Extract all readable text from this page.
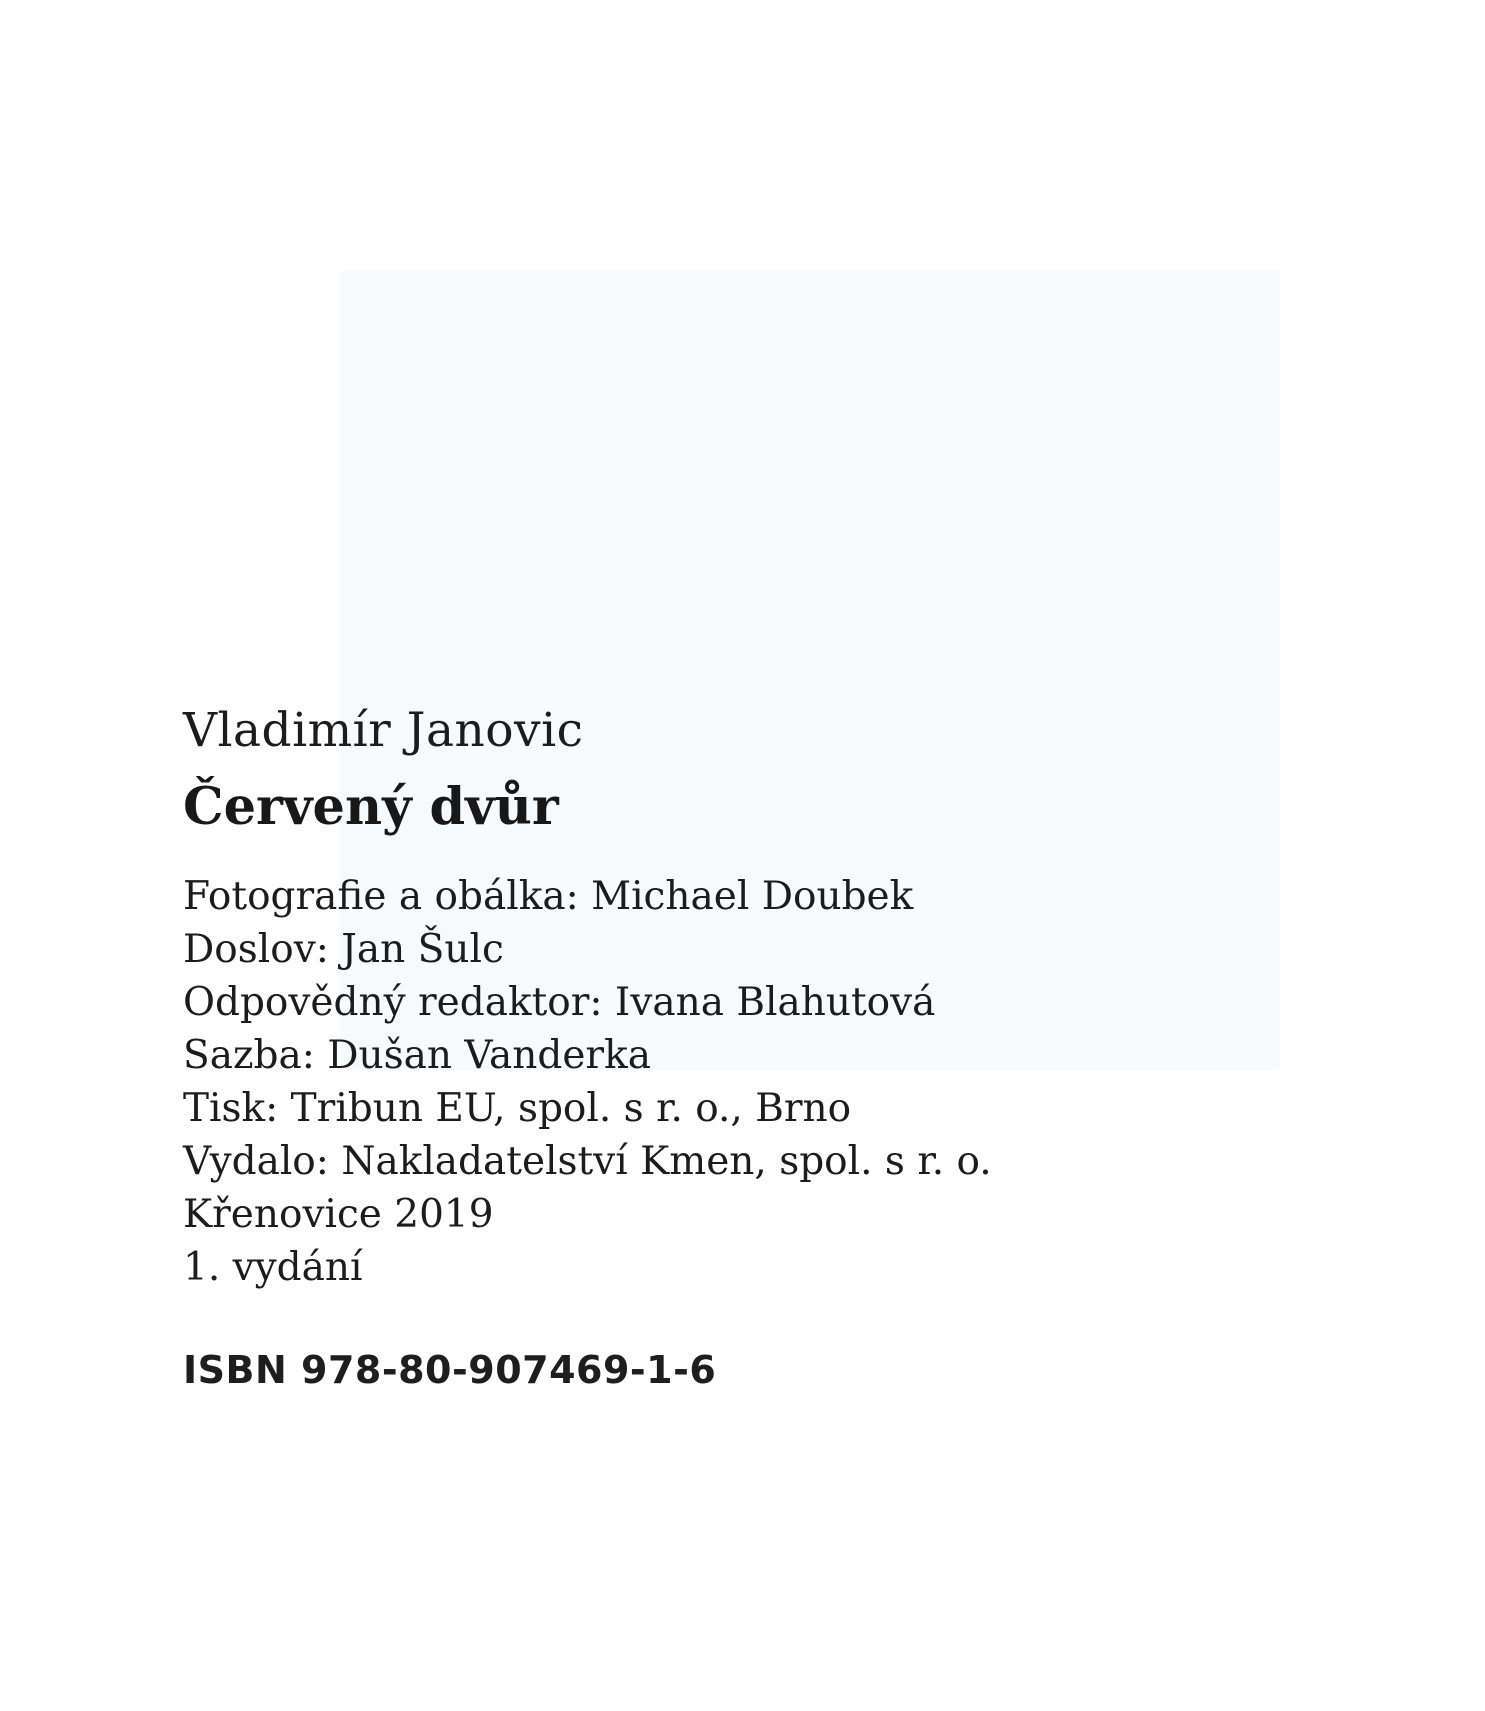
Vladimír Janovic

Červený dvůr
Fotografie a obálka: Michael Doubek
Doslov: Jan Šulc
Odpovědný redaktor: Ivana Blahutová
Sazba: Dušan Vanderka
Tisk: Tribun EU, spol. s r. o., Brno
Vydalo: Nakladatelství Kmen, spol. s r. o.
Křenovice 2019
1. vydání

ISBN 978-80-907469-1-6
